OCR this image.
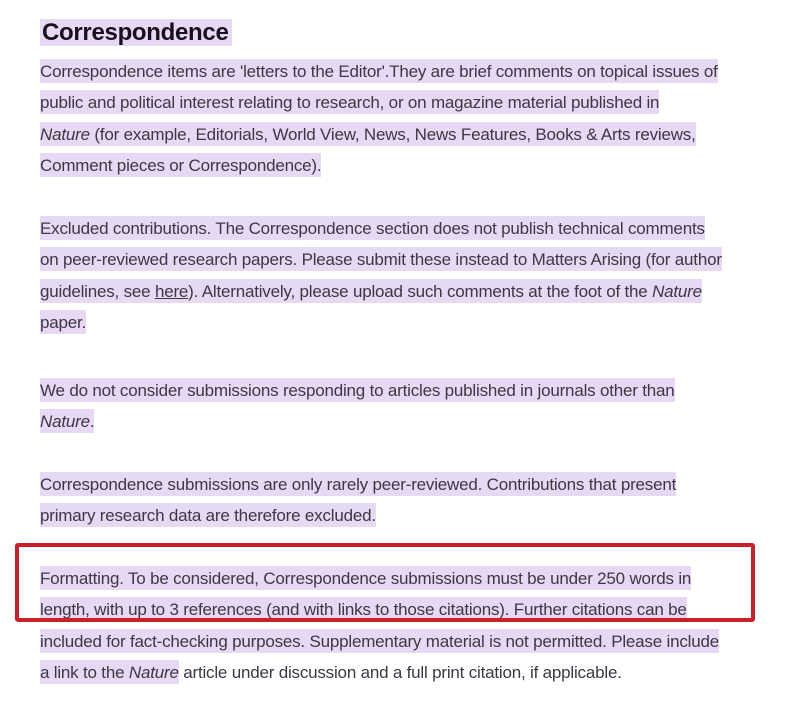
Correspondence
Correspondence items are 'letters to the Editor'.They are brief comments on topical issues of
public and political interest relating to research, or on magazine material published in
Nature (for example, Editorials, World View, News, News Features, Books & Arts reviews,
Comment pieces or Correspondence).
Excluded contributions. The Correspondence section does not publish technical comments
on peer-reviewed research papers. Please submit these instead to Matters Arising (for author
guidelines, see here). Alternatively, please upload such comments at the foot of the Nature
paper.
We do not consider submissions responding to articles published in journals other than
Nature.
Correspondence submissions are only rarely peer-reviewed. Contributions that present
primary research data are therefore excluded.
Formatting. To be considered, Correspondence submissions must be under 250 words in
length, with up to 3 references (and with links to those citations). Further citations can be
included for fact-checking purposes. Supplementary material is not permitted. Please include
a link to the Nature article under discussion and a full print citation, if applicable.
